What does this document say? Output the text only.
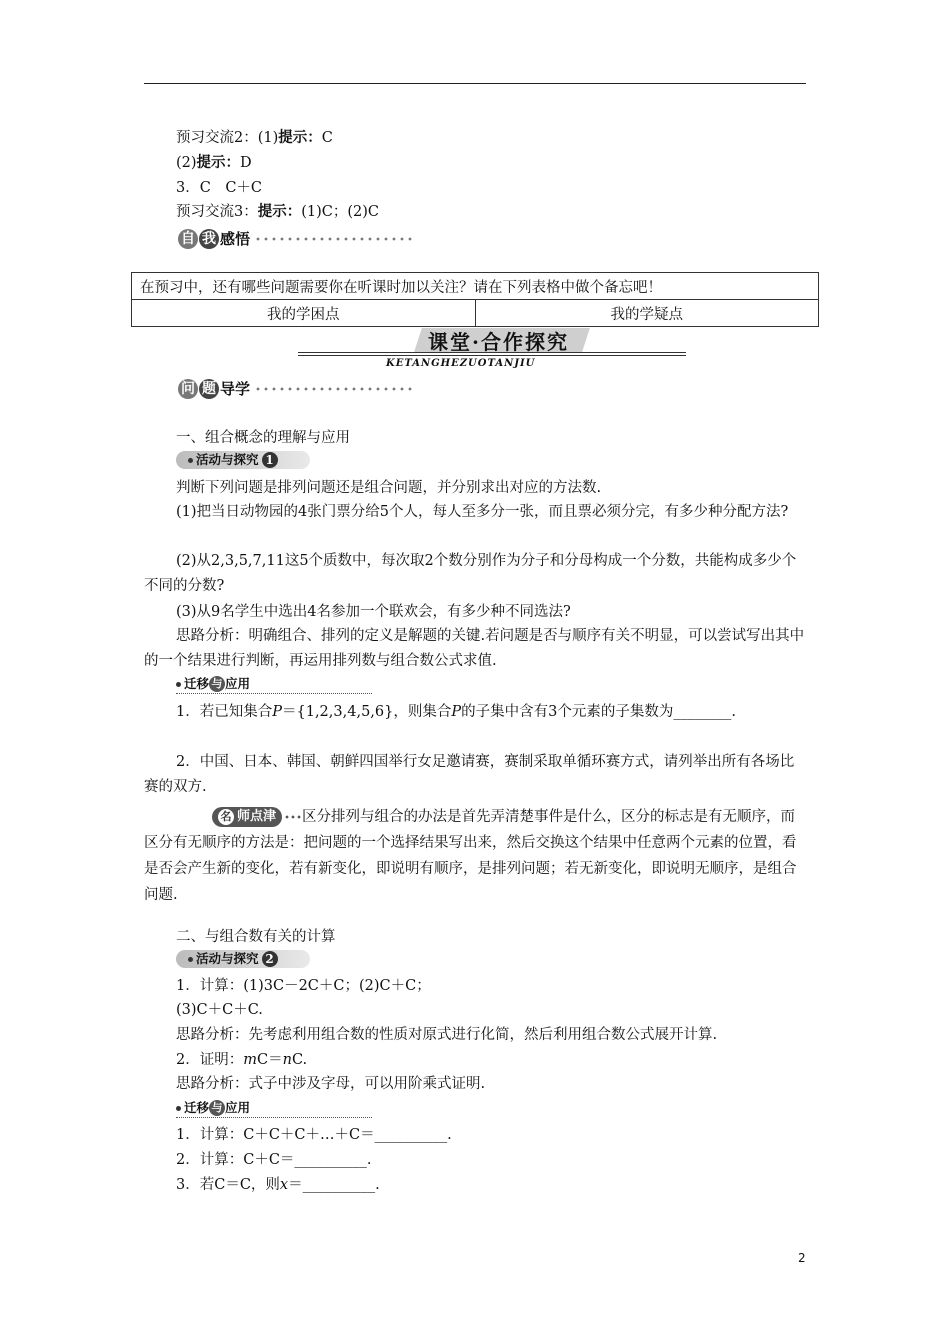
预习交流2：(1)提示：C
(2)提示：D
3．C　C＋C
预习交流3：提示：(1)C；(2)C
自 我 感悟
在预习中，还有哪些问题需要你在听课时加以关注？请在下列表格中做个备忘吧！
我的学困点	我的学疑点
课堂·合作探究
KETANGHEZUOTANJIU
问 题 导学
一、组合概念的理解与应用
活动与探究 1
判断下列问题是排列问题还是组合问题，并分别求出对应的方法数.
(1)把当日动物园的4张门票分给5个人，每人至多分一张，而且票必须分完，有多少种分配方法?
(2)从2,3,5,7,11这5个质数中，每次取2个数分别作为分子和分母构成一个分数，共能构成多少个不同的分数?
(3)从9名学生中选出4名参加一个联欢会，有多少种不同选法?
思路分析：明确组合、排列的定义是解题的关键.若问题是否与顺序有关不明显，可以尝试写出其中的一个结果进行判断，再运用排列数与组合数公式求值.
迁移 与 应用
1．若已知集合P＝{1,2,3,4,5,6}，则集合P的子集中含有3个元素的子集数为________.
2．中国、日本、韩国、朝鲜四国举行女足邀请赛，赛制采取单循环赛方式，请列举出所有各场比赛的双方.
名 师点津 区分排列与组合的办法是首先弄清楚事件是什么，区分的标志是有无顺序，而区分有无顺序的方法是：把问题的一个选择结果写出来，然后交换这个结果中任意两个元素的位置，看是否会产生新的变化，若有新变化，即说明有顺序，是排列问题；若无新变化，即说明无顺序，是组合问题.
二、与组合数有关的计算
活动与探究 2
1．计算：(1)3C－2C＋C；(2)C＋C；
(3)C＋C＋C.
思路分析：先考虑利用组合数的性质对原式进行化简，然后利用组合数公式展开计算.
2．证明：mC＝nC.
思路分析：式子中涉及字母，可以用阶乘式证明.
迁移 与 应用
1．计算：C＋C＋C＋…＋C＝__________.
2．计算：C＋C＝__________.
3．若C＝C，则x＝__________.
2
